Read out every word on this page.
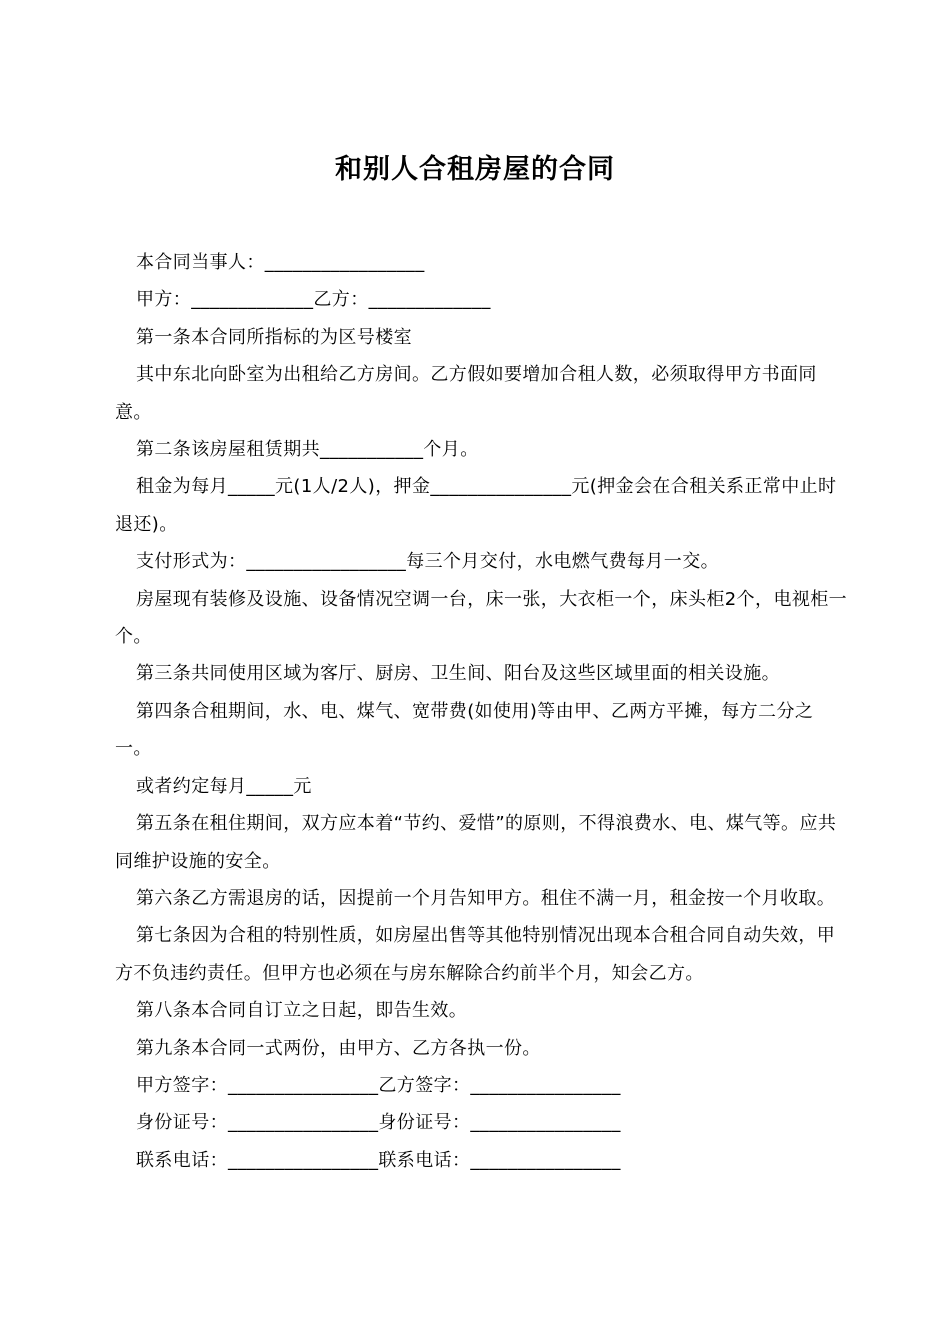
和别人合租房屋的合同

本合同当事人：_________________

甲方：_____________乙方：_____________

第一条本合同所指标的为区号楼室

其中东北向卧室为出租给乙方房间。乙方假如要增加合租人数，必须取得甲方书面同意。

第二条该房屋租赁期共___________个月。

租金为每月_____元(1人/2人)，押金_______________元(押金会在合租关系正常中止时退还)。

支付形式为：_________________每三个月交付，水电燃气费每月一交。

房屋现有装修及设施、设备情况空调一台，床一张，大衣柜一个，床头柜2个，电视柜一个。

第三条共同使用区域为客厅、厨房、卫生间、阳台及这些区域里面的相关设施。

第四条合租期间，水、电、煤气、宽带费(如使用)等由甲、乙两方平摊，每方二分之一。

或者约定每月_____元

第五条在租住期间，双方应本着“节约、爱惜”的原则，不得浪费水、电、煤气等。应共同维护设施的安全。

第六条乙方需退房的话，因提前一个月告知甲方。租住不满一月，租金按一个月收取。

第七条因为合租的特别性质，如房屋出售等其他特别情况出现本合租合同自动失效，甲方不负违约责任。但甲方也必须在与房东解除合约前半个月，知会乙方。

第八条本合同自订立之日起，即告生效。

第九条本合同一式两份，由甲方、乙方各执一份。

甲方签字：________________乙方签字：________________

身份证号：________________身份证号：________________

联系电话：________________联系电话：________________
